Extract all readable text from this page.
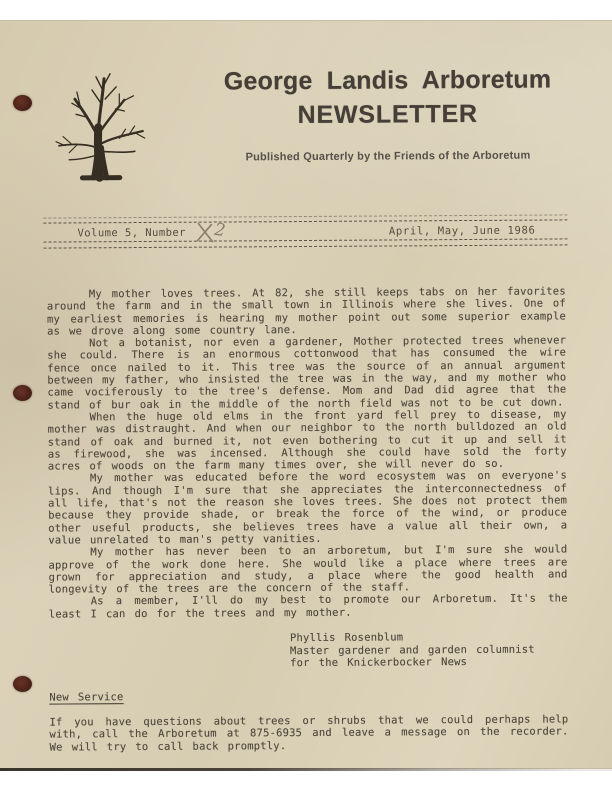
George Landis Arboretum
NEWSLETTER
Published Quarterly by the Friends of the Arboretum
Volume 5, Number 2	April, May, June 1986

My mother loves trees. At 82, she still keeps tabs on her favorites around the farm and in the small town in Illinois where she lives. One of my earliest memories is hearing my mother point out some superior example as we drove along some country lane.

Not a botanist, nor even a gardener, Mother protected trees whenever she could. There is an enormous cottonwood that has consumed the wire fence once nailed to it. This tree was the source of an annual argument between my father, who insisted the tree was in the way, and my mother who came vociferously to the tree's defense. Mom and Dad did agree that the stand of bur oak in the middle of the north field was not to be cut down.

When the huge old elms in the front yard fell prey to disease, my mother was distraught. And when our neighbor to the north bulldozed an old stand of oak and burned it, not even bothering to cut it up and sell it as firewood, she was incensed. Although she could have sold the forty acres of woods on the farm many times over, she will never do so.

My mother was educated before the word ecosystem was on everyone's lips. And though I'm sure that she appreciates the interconnectedness of all life, that's not the reason she loves trees. She does not protect them because they provide shade, or break the force of the wind, or produce other useful products, she believes trees have a value all their own, a value unrelated to man's petty vanities.

My mother has never been to an arboretum, but I'm sure she would approve of the work done here. She would like a place where trees are grown for appreciation and study, a place where the good health and longevity of the trees are the concern of the staff.

As a member, I'll do my best to promote our Arboretum. It's the least I can do for the trees and my mother.

Phyllis Rosenblum
Master gardener and garden columnist
for the Knickerbocker News
New Service
If you have questions about trees or shrubs that we could perhaps help with, call the Arboretum at 875-6935 and leave a message on the recorder. We will try to call back promptly.
